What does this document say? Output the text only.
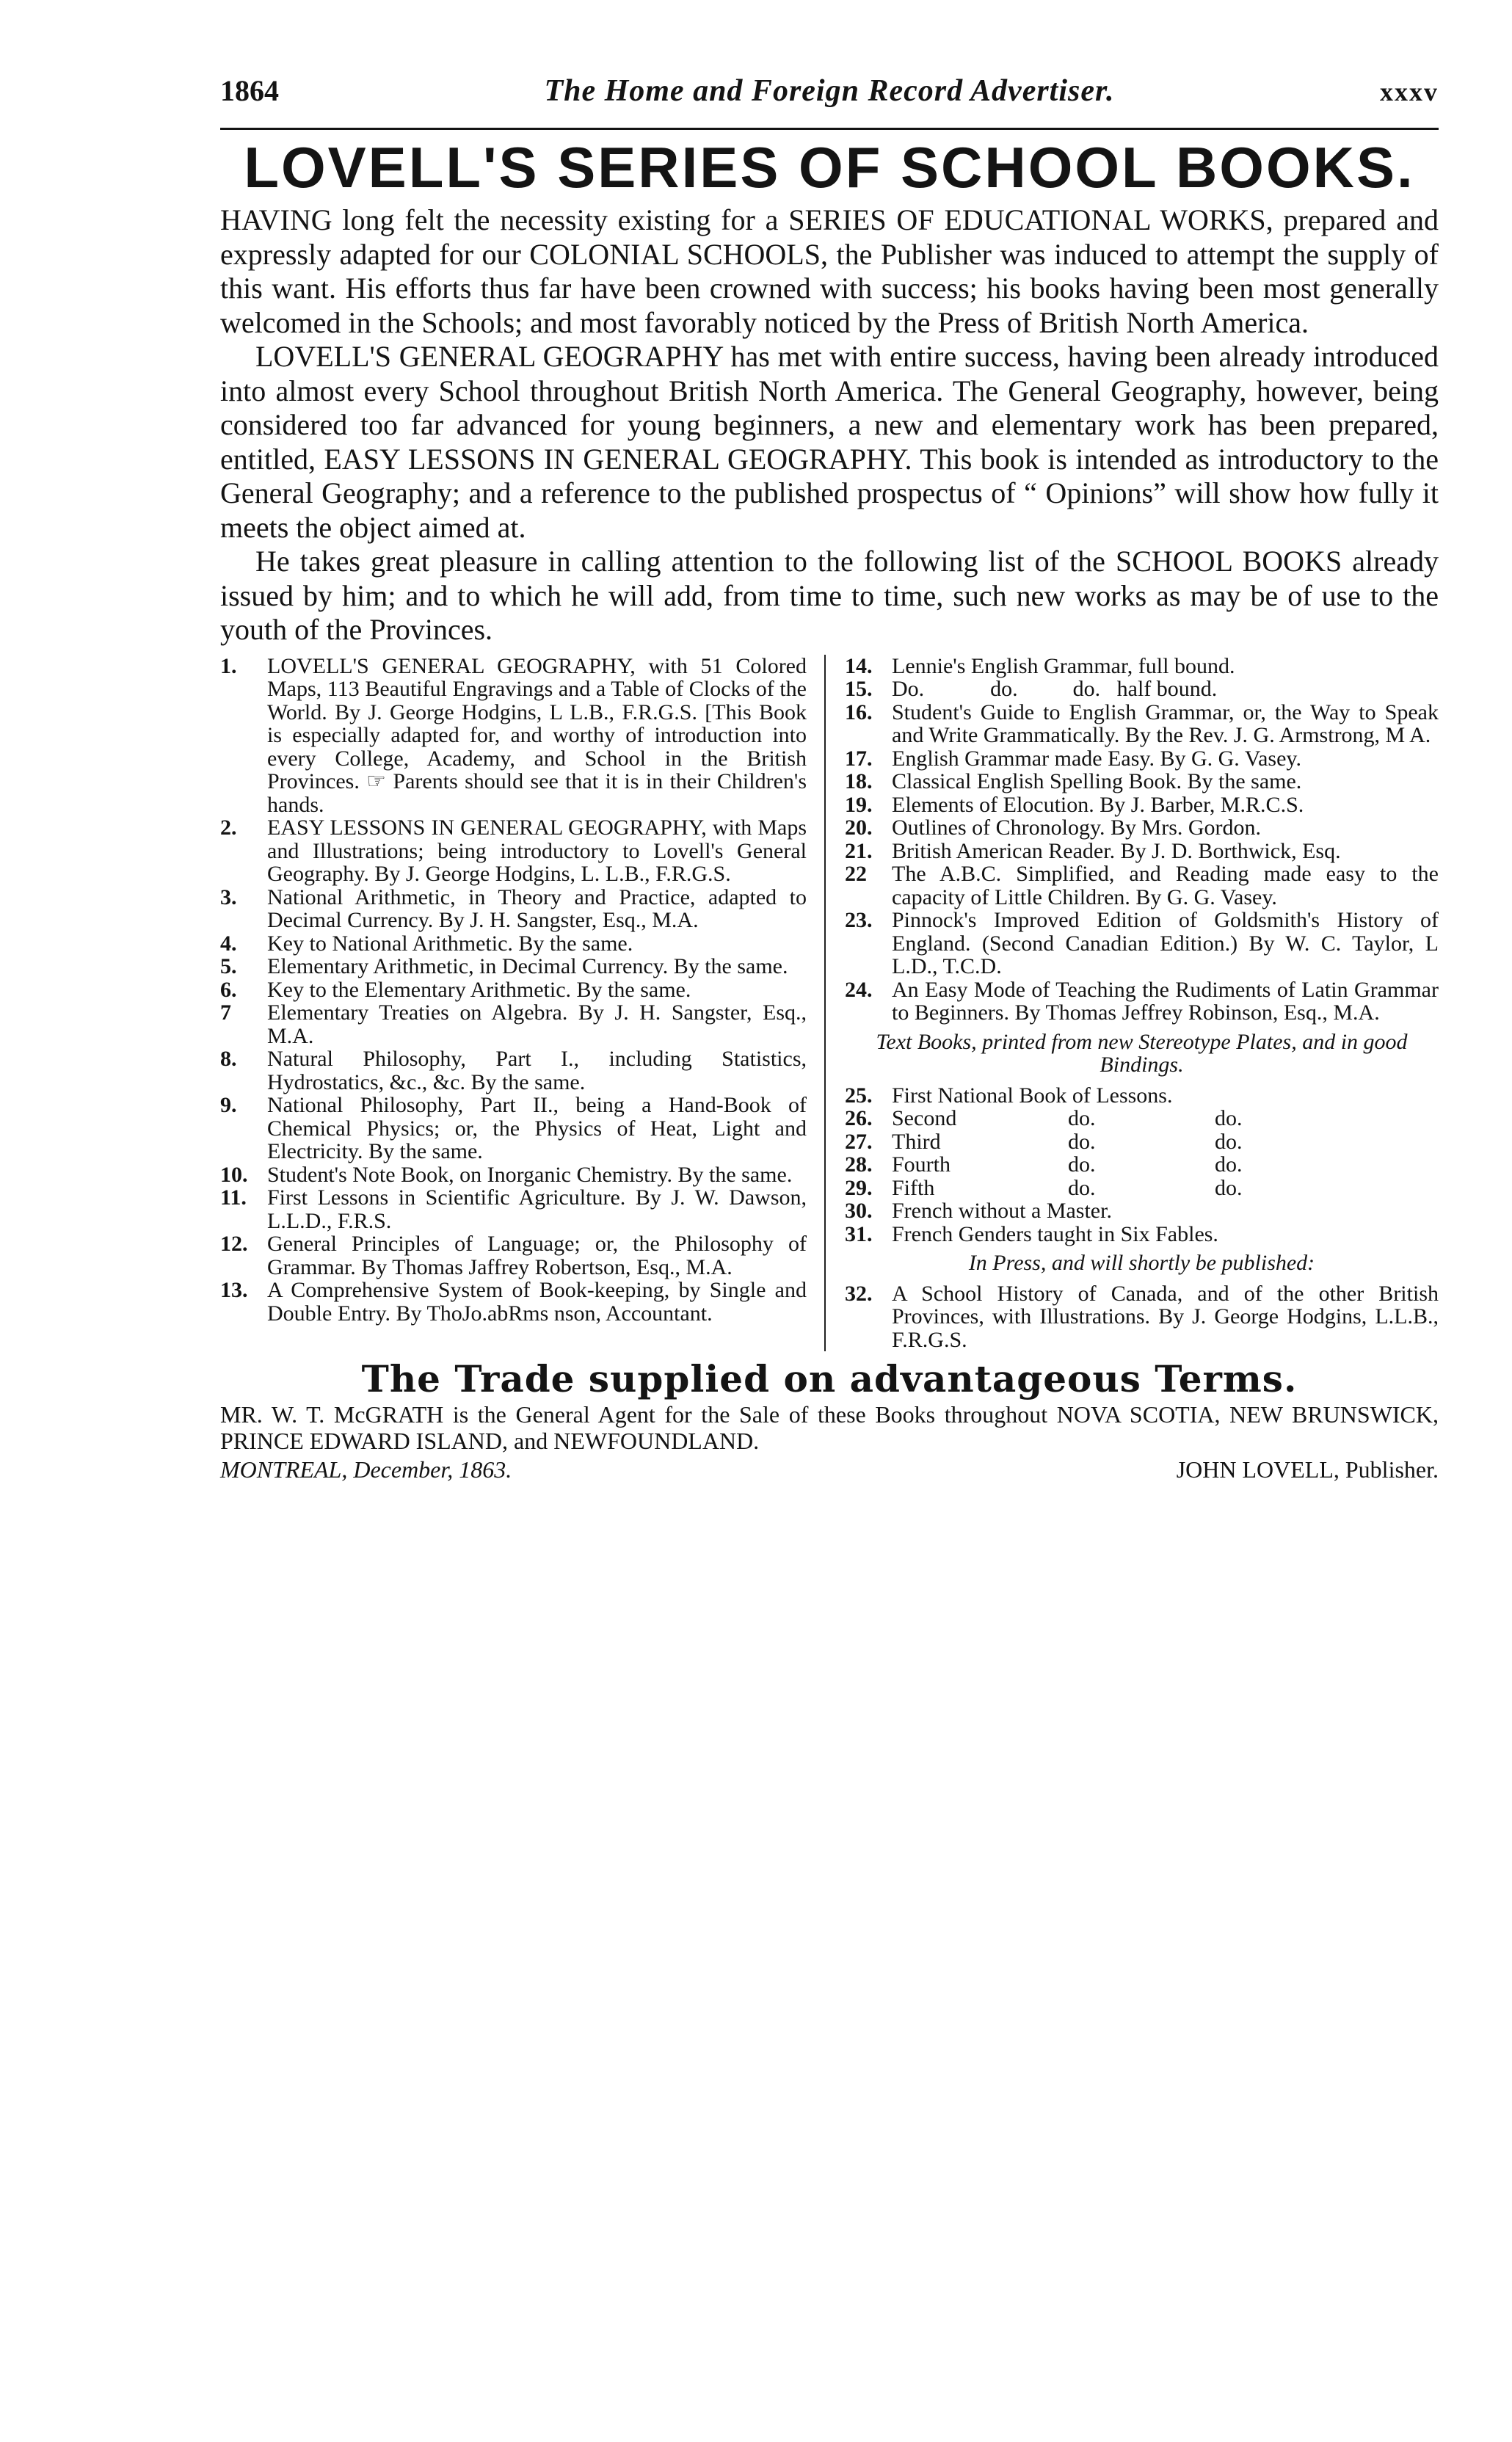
1864	The Home and Foreign Record Advertiser.	xxxv
LOVELL'S SERIES OF SCHOOL BOOKS.

HAVING long felt the necessity existing for a SERIES OF EDUCATIONAL WORKS, prepared and expressly adapted for our COLONIAL SCHOOLS, the Publisher was induced to attempt the supply of this want. His efforts thus far have been crowned with success; his books having been most generally welcomed in the Schools; and most favorably noticed by the Press of British North America.

LOVELL'S GENERAL GEOGRAPHY has met with entire success, having been already introduced into almost every School throughout British North America. The General Geography, however, being considered too far advanced for young beginners, a new and elementary work has been prepared, entitled, EASY LESSONS IN GENERAL GEOGRAPHY. This book is intended as introductory to the General Geography; and a reference to the published prospectus of “ Opinions” will show how fully it meets the object aimed at.

He takes great pleasure in calling attention to the following list of the SCHOOL BOOKS already issued by him; and to which he will add, from time to time, such new works as may be of use to the youth of the Provinces.

1.	LOVELL'S GENERAL GEOGRAPHY, with 51 Colored Maps, 113 Beautiful Engravings and a Table of Clocks of the World. By J. George Hodgins, L L.B., F.R.G.S. [This Book is especially adapted for, and worthy of introduction into every College, Academy, and School in the British Provinces. ☞ Parents should see that it is in their Children's hands.
2.	EASY LESSONS IN GENERAL GEOGRAPHY, with Maps and Illustrations; being introductory to Lovell's General Geography. By J. George Hodgins, L. L.B., F.R.G.S.
3.	National Arithmetic, in Theory and Practice, adapted to Decimal Currency. By J. H. Sangster, Esq., M.A.
4.	Key to National Arithmetic. By the same.
5.	Elementary Arithmetic, in Decimal Currency. By the same.
6.	Key to the Elementary Arithmetic. By the same.
7	Elementary Treaties on Algebra. By J. H. Sangster, Esq., M.A.
8.	Natural Philosophy, Part I., including Statistics, Hydrostatics, &c., &c. By the same.
9.	National Philosophy, Part II., being a Hand-Book of Chemical Physics; or, the Physics of Heat, Light and Electricity. By the same.
10. Student's Note Book, on Inorganic Chemistry. By the same.
11. First Lessons in Scientific Agriculture. By J. W. Dawson, L.L.D., F.R.S.
12. General Principles of Language; or, the Philosophy of Grammar. By Thomas Jaffrey Robertson, Esq., M.A.
13. A Comprehensive System of Book-keeping, by Single and Double Entry. By ThoJo.abRms nson, Accountant.
14. Lennie's English Grammar, full bound.
15. Do.            do.          do.   half bound.
16. Student's Guide to English Grammar, or, the Way to Speak and Write Grammatically. By the Rev. J. G. Armstrong, M A.
17. English Grammar made Easy. By G. G. Vasey.
18. Classical English Spelling Book. By the same.
19. Elements of Elocution. By J. Barber, M.R.C.S.
20. Outlines of Chronology. By Mrs. Gordon.
21. British American Reader. By J. D. Borthwick, Esq.
22	The A.B.C. Simplified, and Reading made easy to the capacity of Little Children. By G. G. Vasey.
23. Pinnock's Improved Edition of Goldsmith's History of England. (Second Canadian Edition.) By W. C. Taylor, L L.D., T.C.D.
24. An Easy Mode of Teaching the Rudiments of Latin Grammar to Beginners. By Thomas Jeffrey Robinson, Esq., M.A.
Text Books, printed from new Stereotype Plates, and in good Bindings.
25. First National Book of Lessons.
26. Second	do.	do.
27. Third	do.	do.
28. Fourth	do.	do.
29. Fifth	do.	do.
30. French without a Master.
31. French Genders taught in Six Fables.
In Press, and will shortly be published:
32. A School History of Canada, and of the other British Provinces, with Illustrations. By J. George Hodgins, L.L.B., F.R.G.S.
The Trade supplied on advantageous Terms.
MR. W. T. McGRATH is the General Agent for the Sale of these Books throughout NOVA SCOTIA, NEW BRUNSWICK, PRINCE EDWARD ISLAND, and NEWFOUNDLAND.
MONTREAL, December, 1863.	JOHN LOVELL, Publisher.
